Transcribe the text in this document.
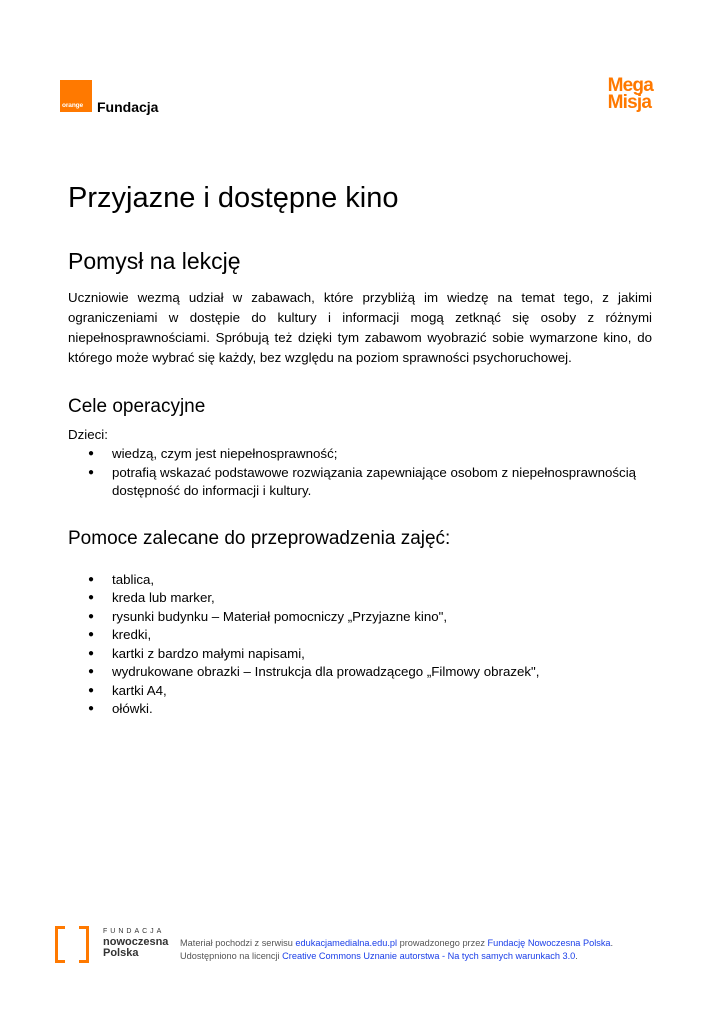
orange Fundacja
Mega
Misja
Przyjazne i dostępne kino
Pomysł na lekcję

Uczniowie wezmą udział w zabawach, które przybliżą im wiedzę na temat tego, z jakimi ograniczeniami w dostępie do kultury i informacji mogą zetknąć się osoby z różnymi niepełnosprawnościami. Spróbują też dzięki tym zabawom wyobrazić sobie wymarzone kino, do którego może wybrać się każdy, bez względu na poziom sprawności psychoruchowej.

Cele operacyjne
Dzieci:
● wiedzą, czym jest niepełnosprawność;
● potrafią wskazać podstawowe rozwiązania zapewniające osobom z niepełnosprawnością dostępność do informacji i kultury.
Pomoce zalecane do przeprowadzenia zajęć:
● tablica,
● kreda lub marker,
● rysunki budynku – Materiał pomocniczy „Przyjazne kino",
● kredki,
● kartki z bardzo małymi napisami,
● wydrukowane obrazki – Instrukcja dla prowadzącego „Filmowy obrazek",
● kartki A4,
● ołówki.
FUNDACJA
nowoczesna
Polska
Materiał pochodzi z serwisu edukacjamedialna.edu.pl prowadzonego przez Fundację Nowoczesna Polska.
Udostępniono na licencji Creative Commons Uznanie autorstwa - Na tych samych warunkach 3.0.
